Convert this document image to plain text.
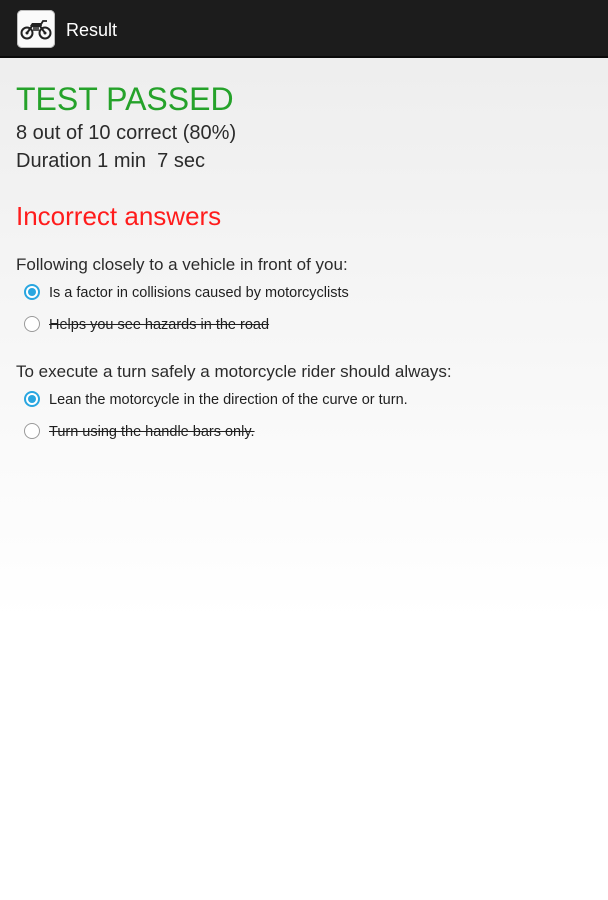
Result
TEST PASSED
8 out of 10 correct (80%)
Duration 1 min  7 sec
Incorrect answers
Following closely to a vehicle in front of you:
Is a factor in collisions caused by motorcyclists
Helps you see hazards in the road
To execute a turn safely a motorcycle rider should always:
Lean the motorcycle in the direction of the curve or turn.
Turn using the handle bars only.
